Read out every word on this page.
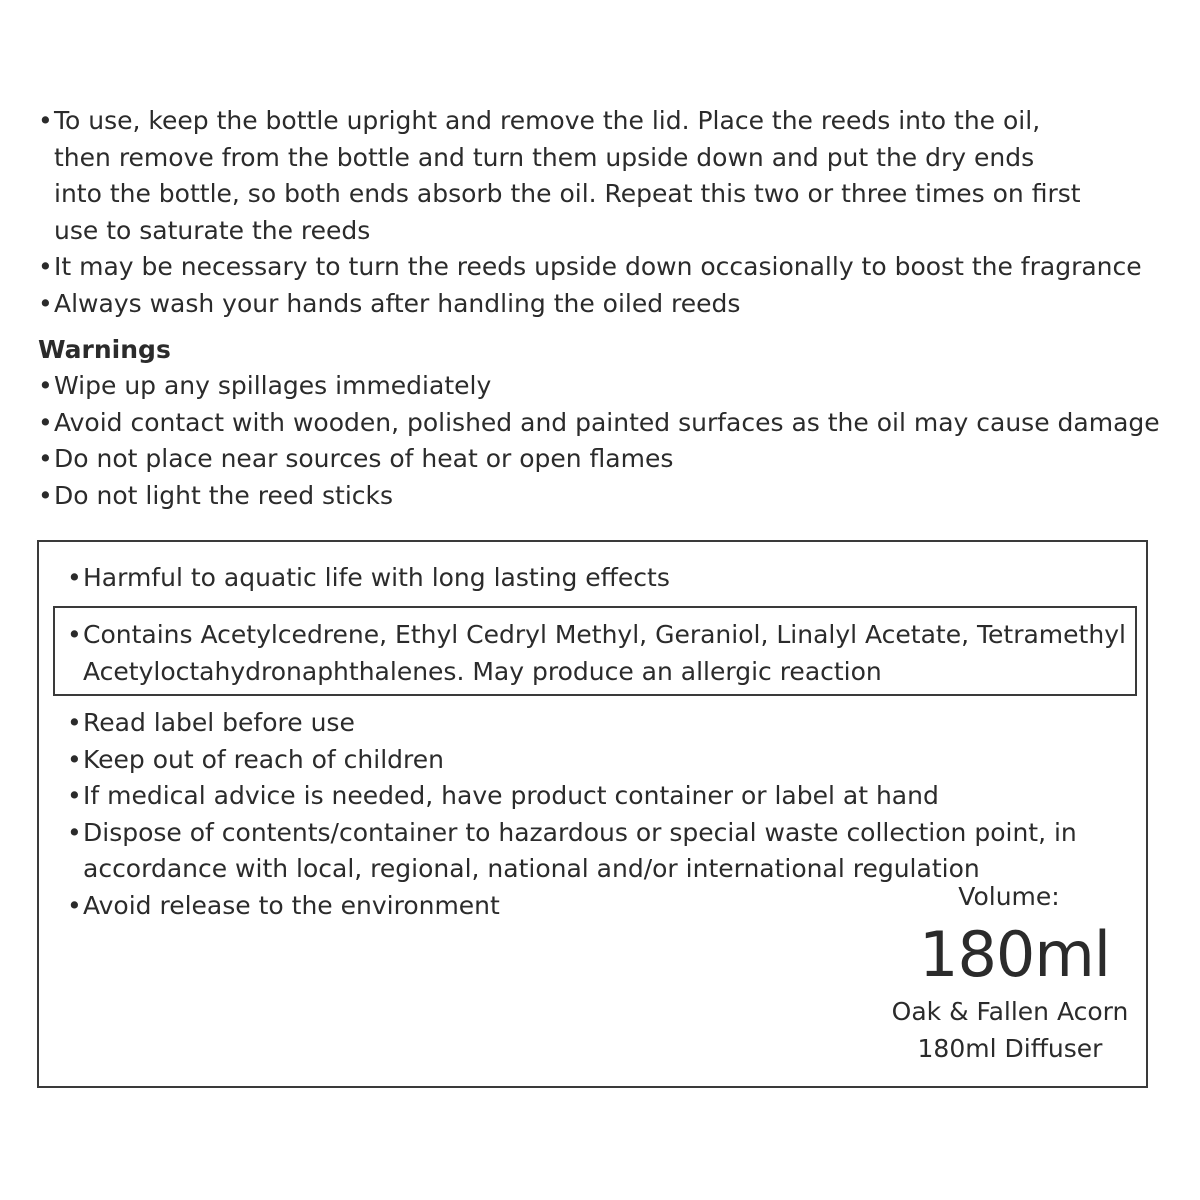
• To use, keep the bottle upright and remove the lid. Place the reeds into the oil, then remove from the bottle and turn them upside down and put the dry ends into the bottle, so both ends absorb the oil. Repeat this two or three times on first use to saturate the reeds
• It may be necessary to turn the reeds upside down occasionally to boost the fragrance
• Always wash your hands after handling the oiled reeds
Warnings
• Wipe up any spillages immediately
• Avoid contact with wooden, polished and painted surfaces as the oil may cause damage
• Do not place near sources of heat or open flames
• Do not light the reed sticks
• Harmful to aquatic life with long lasting effects
• Contains Acetylcedrene, Ethyl Cedryl Methyl, Geraniol, Linalyl Acetate, Tetramethyl Acetyloctahydronaphthalenes. May produce an allergic reaction
• Read label before use
• Keep out of reach of children
• If medical advice is needed, have product container or label at hand
• Dispose of contents/container to hazardous or special waste collection point, in accordance with local, regional, national and/or international regulation
• Avoid release to the environment	Volume:
180ml
Oak & Fallen Acorn
180ml Diffuser
